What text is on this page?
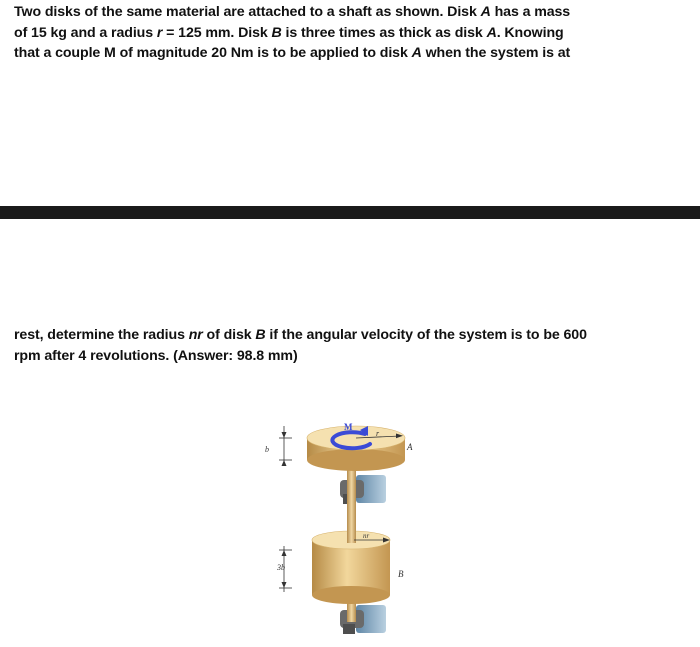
Two disks of the same material are attached to a shaft as shown. Disk A has a mass
of 15 kg and a radius r = 125 mm. Disk B is three times as thick as disk A. Knowing
that a couple M of magnitude 20 Nm is to be applied to disk A when the system is at
rest, determine the radius nr of disk B if the angular velocity of the system is to be 600
rpm after 4 revolutions. (Answer: 98.8 mm)
M
r
A
b
nr
3b
B
